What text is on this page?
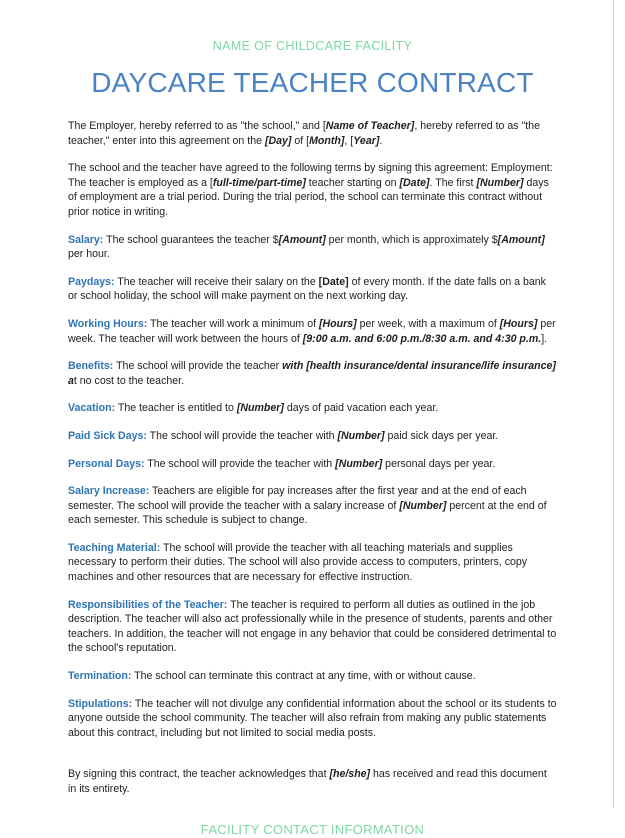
NAME OF CHILDCARE FACILITY
DAYCARE TEACHER CONTRACT

The Employer, hereby referred to as "the school," and [Name of Teacher], hereby referred to as "the teacher," enter into this agreement on the [Day] of [Month], [Year].

The school and the teacher have agreed to the following terms by signing this agreement: Employment: The teacher is employed as a [full-time/part-time] teacher starting on [Date]. The first [Number] days of employment are a trial period. During the trial period, the school can terminate this contract without prior notice in writing.

Salary: The school guarantees the teacher $[Amount] per month, which is approximately $[Amount] per hour.

Paydays: The teacher will receive their salary on the [Date] of every month. If the date falls on a bank or school holiday, the school will make payment on the next working day.

Working Hours: The teacher will work a minimum of [Hours] per week, with a maximum of [Hours] per week. The teacher will work between the hours of [9:00 a.m. and 6:00 p.m./8:30 a.m. and 4:30 p.m.].

Benefits: The school will provide the teacher with [health insurance/dental insurance/life insurance] at no cost to the teacher.

Vacation: The teacher is entitled to [Number] days of paid vacation each year.

Paid Sick Days: The school will provide the teacher with [Number] paid sick days per year.

Personal Days: The school will provide the teacher with [Number] personal days per year.

Salary Increase: Teachers are eligible for pay increases after the first year and at the end of each semester. The school will provide the teacher with a salary increase of [Number] percent at the end of each semester. This schedule is subject to change.

Teaching Material: The school will provide the teacher with all teaching materials and supplies necessary to perform their duties. The school will also provide access to computers, printers, copy machines and other resources that are necessary for effective instruction.

Responsibilities of the Teacher: The teacher is required to perform all duties as outlined in the job description. The teacher will also act professionally while in the presence of students, parents and other teachers. In addition, the teacher will not engage in any behavior that could be considered detrimental to the school's reputation.

Termination: The school can terminate this contract at any time, with or without cause.

Stipulations: The teacher will not divulge any confidential information about the school or its students to anyone outside the school community. The teacher will also refrain from making any public statements about this contract, including but not limited to social media posts.

By signing this contract, the teacher acknowledges that [he/she] has received and read this document in its entirety.

FACILITY CONTACT INFORMATION
